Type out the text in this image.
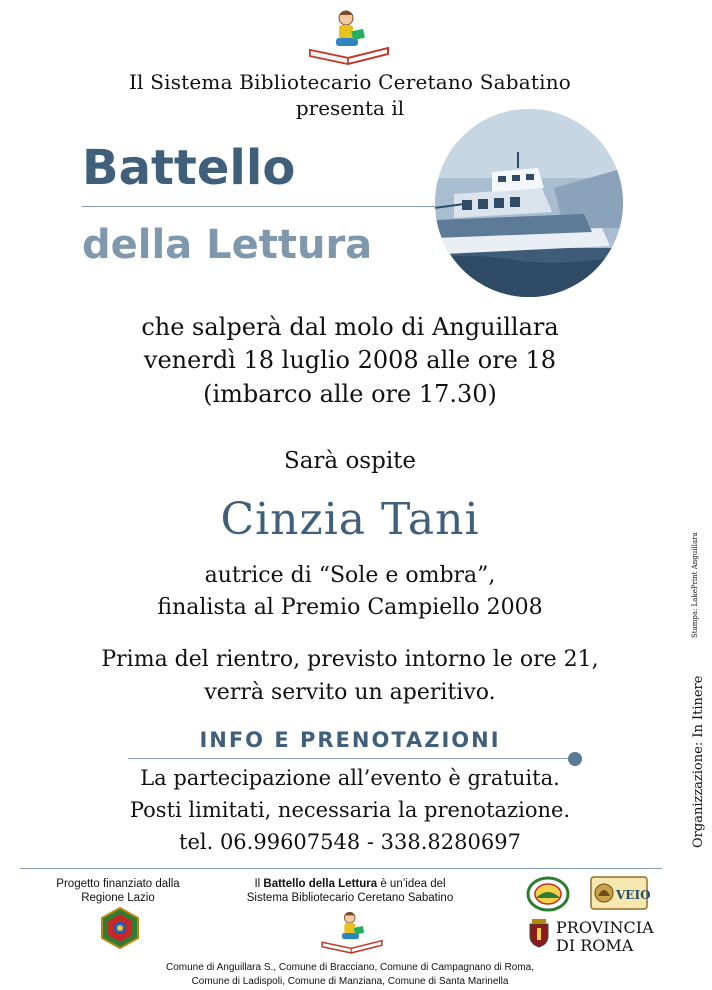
Il Sistema Bibliotecario Ceretano Sabatino
presenta il
Battello
della Lettura
che salperà dal molo di Anguillara
venerdì 18 luglio 2008 alle ore 18
(imbarco alle ore 17.30)
Sarà ospite
Cinzia Tani
autrice di “Sole e ombra”,
finalista al Premio Campiello 2008
Prima del rientro, previsto intorno le ore 21,
verrà servito un aperitivo.
INFO E PRENOTAZIONI
La partecipazione all’evento è gratuita.
Posti limitati, necessaria la prenotazione.
tel. 06.99607548 - 338.8280697	Organizzazione: In Itinere
Stampa: LakePrint Anguillara
Progetto finanziato dalla
Regione Lazio
Il Battello della Lettura è un’idea del
Sistema Bibliotecario Ceretano Sabatino
Comune di Anguillara S., Comune di Bracciano, Comune di Campagnano di Roma,
Comune di Ladispoli, Comune di Manziana, Comune di Santa Marinella
VEIO
PROVINCIA
DI ROMA
